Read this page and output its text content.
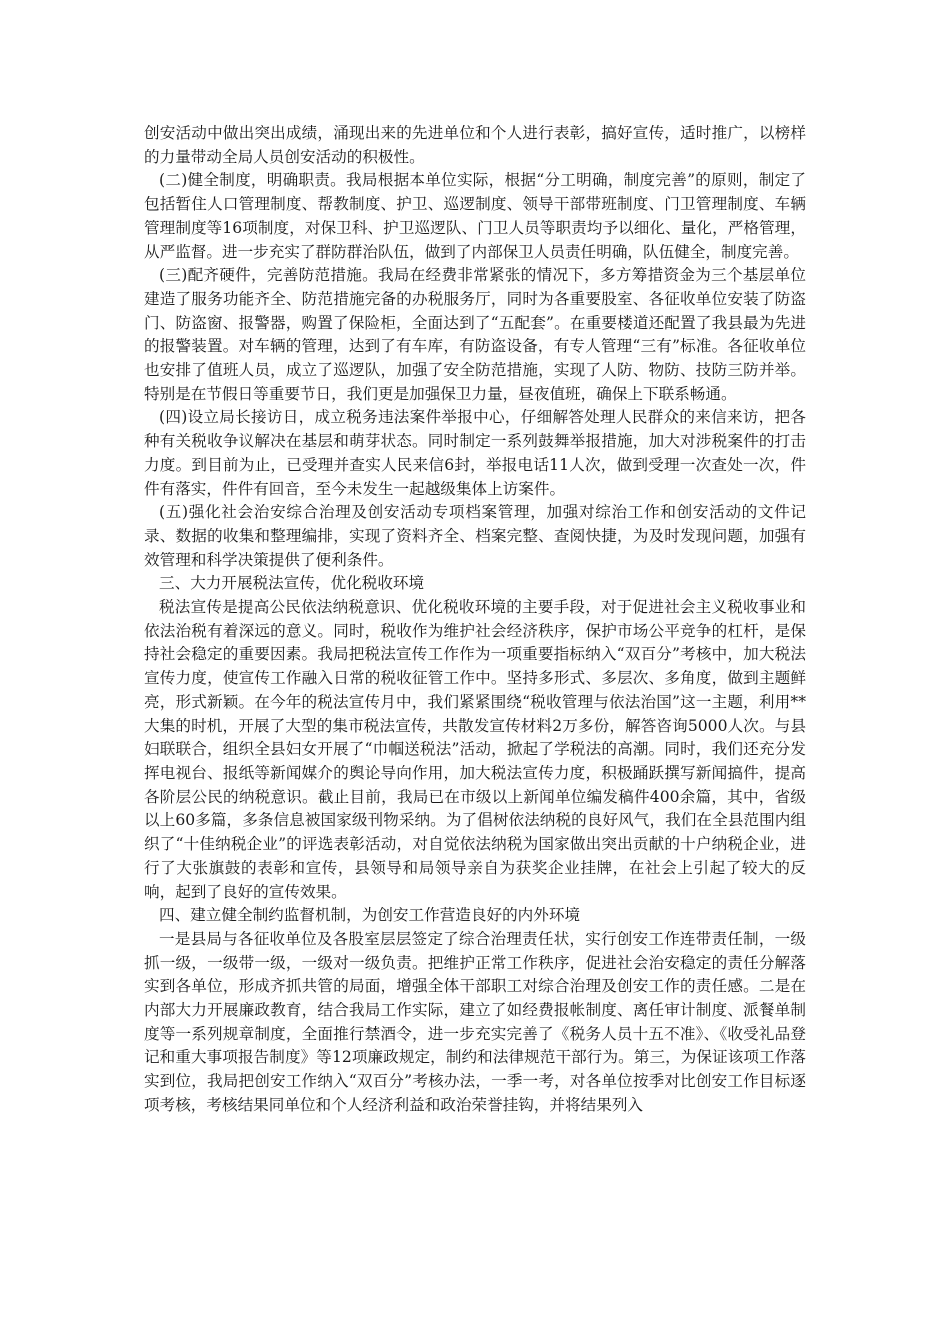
创安活动中做出突出成绩，涌现出来的先进单位和个人进行表彰，搞好宣传，适时推广，以榜样的力量带动全局人员创安活动的积极性。

(二)健全制度，明确职责。我局根据本单位实际，根据“分工明确，制度完善”的原则，制定了包括暂住人口管理制度、帮教制度、护卫、巡逻制度、领导干部带班制度、门卫管理制度、车辆管理制度等16项制度，对保卫科、护卫巡逻队、门卫人员等职责均予以细化、量化，严格管理，从严监督。进一步充实了群防群治队伍，做到了内部保卫人员责任明确，队伍健全，制度完善。

(三)配齐硬件，完善防范措施。我局在经费非常紧张的情况下，多方筹措资金为三个基层单位建造了服务功能齐全、防范措施完备的办税服务厅，同时为各重要股室、各征收单位安装了防盗门、防盗窗、报警器，购置了保险柜，全面达到了“五配套”。在重要楼道还配置了我县最为先进的报警装置。对车辆的管理，达到了有车库，有防盗设备，有专人管理“三有”标准。各征收单位也安排了值班人员，成立了巡逻队，加强了安全防范措施，实现了人防、物防、技防三防并举。特别是在节假日等重要节日，我们更是加强保卫力量，昼夜值班，确保上下联系畅通。

(四)设立局长接访日，成立税务违法案件举报中心，仔细解答处理人民群众的来信来访，把各种有关税收争议解决在基层和萌芽状态。同时制定一系列鼓舞举报措施，加大对涉税案件的打击力度。到目前为止，已受理并查实人民来信6封，举报电话11人次，做到受理一次查处一次，件件有落实，件件有回音，至今未发生一起越级集体上访案件。

(五)强化社会治安综合治理及创安活动专项档案管理，加强对综治工作和创安活动的文件记录、数据的收集和整理编排，实现了资料齐全、档案完整、查阅快捷，为及时发现问题，加强有效管理和科学决策提供了便利条件。

三、大力开展税法宣传，优化税收环境

税法宣传是提高公民依法纳税意识、优化税收环境的主要手段，对于促进社会主义税收事业和依法治税有着深远的意义。同时，税收作为维护社会经济秩序，保护市场公平竞争的杠杆，是保持社会稳定的重要因素。我局把税法宣传工作作为一项重要指标纳入“双百分”考核中，加大税法宣传力度，使宣传工作融入日常的税收征管工作中。坚持多形式、多层次、多角度，做到主题鲜亮，形式新颖。在今年的税法宣传月中，我们紧紧围绕“税收管理与依法治国”这一主题，利用**大集的时机，开展了大型的集市税法宣传，共散发宣传材料2万多份，解答咨询5000人次。与县妇联联合，组织全县妇女开展了“巾帼送税法”活动，掀起了学税法的高潮。同时，我们还充分发挥电视台、报纸等新闻媒介的舆论导向作用，加大税法宣传力度，积极踊跃撰写新闻搞件，提高各阶层公民的纳税意识。截止目前，我局已在市级以上新闻单位编发稿件400余篇，其中，省级以上60多篇，多条信息被国家级刊物采纳。为了倡树依法纳税的良好风气，我们在全县范围内组织了“十佳纳税企业”的评选表彰活动，对自觉依法纳税为国家做出突出贡献的十户纳税企业，进行了大张旗鼓的表彰和宣传，县领导和局领导亲自为获奖企业挂牌，在社会上引起了较大的反响，起到了良好的宣传效果。

四、建立健全制约监督机制，为创安工作营造良好的内外环境

一是县局与各征收单位及各股室层层签定了综合治理责任状，实行创安工作连带责任制，一级抓一级，一级带一级，一级对一级负责。把维护正常工作秩序，促进社会治安稳定的责任分解落实到各单位，形成齐抓共管的局面，增强全体干部职工对综合治理及创安工作的责任感。二是在内部大力开展廉政教育，结合我局工作实际，建立了如经费报帐制度、离任审计制度、派餐单制度等一系列规章制度，全面推行禁酒令，进一步充实完善了《税务人员十五不准》、《收受礼品登记和重大事项报告制度》等12项廉政规定，制约和法律规范干部行为。第三，为保证该项工作落实到位，我局把创安工作纳入“双百分”考核办法，一季一考，对各单位按季对比创安工作目标逐项考核，考核结果同单位和个人经济利益和政治荣誉挂钩，并将结果列入
